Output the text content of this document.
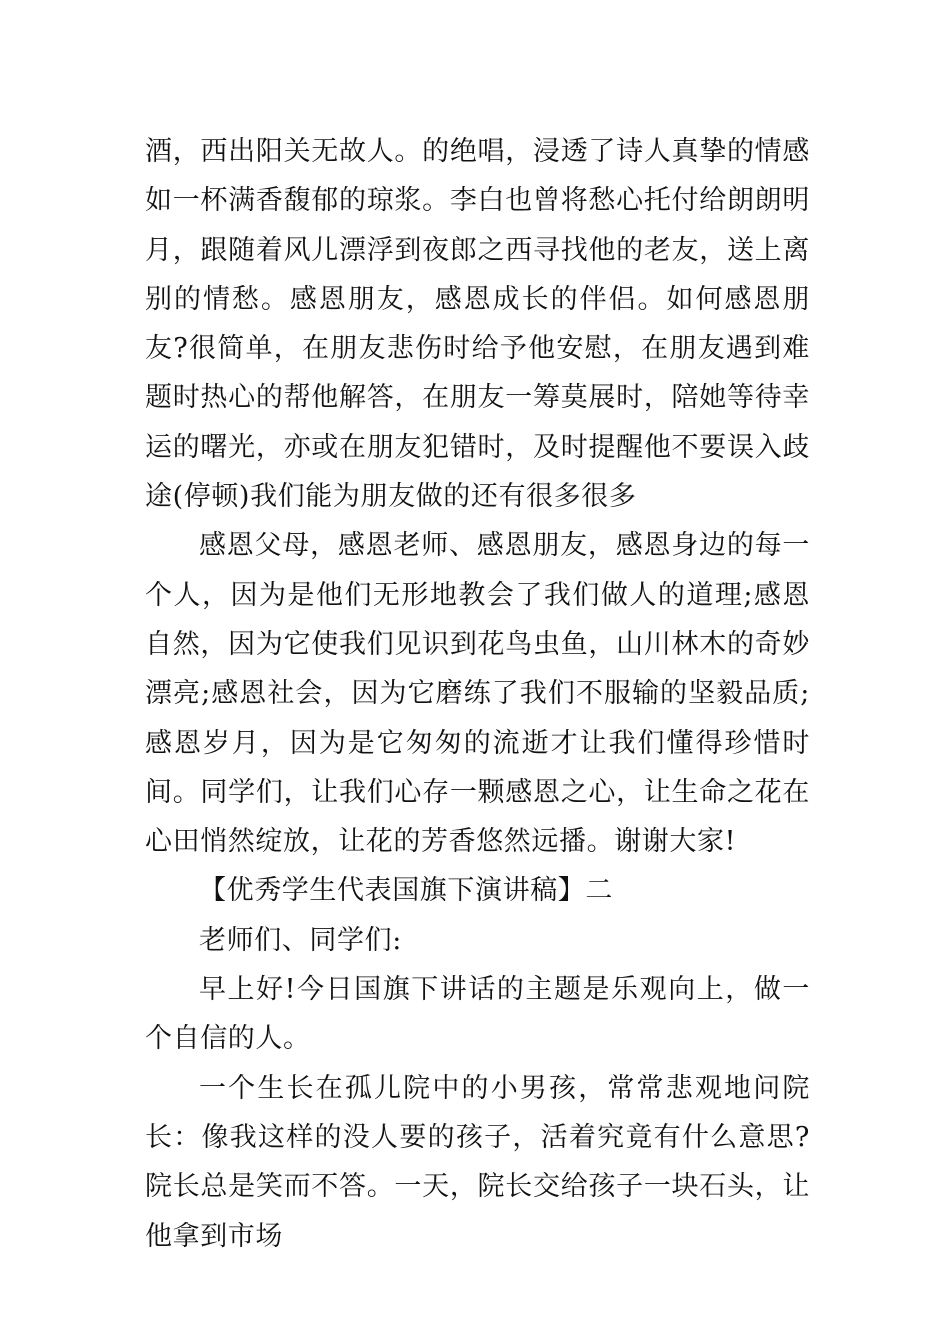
酒，西出阳关无故人。的绝唱，浸透了诗人真挚的情感如一杯满香馥郁的琼浆。李白也曾将愁心托付给朗朗明月，跟随着风儿漂浮到夜郎之西寻找他的老友，送上离别的情愁。感恩朋友，感恩成长的伴侣。如何感恩朋友?很简单，在朋友悲伤时给予他安慰，在朋友遇到难题时热心的帮他解答，在朋友一筹莫展时，陪她等待幸运的曙光，亦或在朋友犯错时，及时提醒他不要误入歧途(停顿)我们能为朋友做的还有很多很多

感恩父母，感恩老师、感恩朋友，感恩身边的每一个人，因为是他们无形地教会了我们做人的道理;感恩自然，因为它使我们见识到花鸟虫鱼，山川林木的奇妙漂亮;感恩社会，因为它磨练了我们不服输的坚毅品质;感恩岁月，因为是它匆匆的流逝才让我们懂得珍惜时间。同学们，让我们心存一颗感恩之心，让生命之花在心田悄然绽放，让花的芳香悠然远播。谢谢大家!

【优秀学生代表国旗下演讲稿】二

老师们、同学们:

早上好!今日国旗下讲话的主题是乐观向上，做一个自信的人。

一个生长在孤儿院中的小男孩，常常悲观地问院长：像我这样的没人要的孩子，活着究竟有什么意思?院长总是笑而不答。一天，院长交给孩子一块石头，让他拿到市场
